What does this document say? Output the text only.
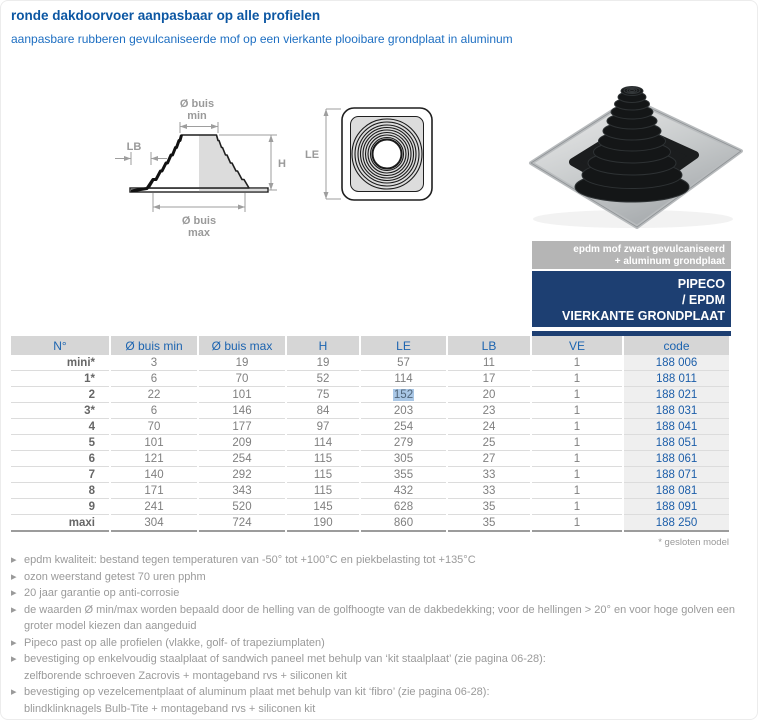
ronde dakdoorvoer aanpasbaar op alle profielen
aanpasbare rubberen gevulcaniseerde mof op een vierkante plooibare grondplaat in aluminum
Ø buis
min
LB
H
Ø buis
max
LE
epdm mof zwart gevulcaniseerd
+ aluminum grondplaat
PIPECO
/ EPDM
VIERKANTE GRONDPLAAT
N°	Ø buis min	Ø buis max	H	LE	LB	VE	code
mini*	3	19	19	57	11	1	188 006
1*	6	70	52	114	17	1	188 011
2	22	101	75	152	20	1	188 021
3*	6	146	84	203	23	1	188 031
4	70	177	97	254	24	1	188 041
5	101	209	114	279	25	1	188 051
6	121	254	115	305	27	1	188 061
7	140	292	115	355	33	1	188 071
8	171	343	115	432	33	1	188 081
9	241	520	145	628	35	1	188 091
maxi	304	724	190	860	35	1	188 250
* gesloten model
▸ epdm kwaliteit: bestand tegen temperaturen van -50° tot +100°C en piekbelasting tot +135°C
▸ ozon weerstand getest 70 uren pphm
▸ 20 jaar garantie op anti-corrosie
▸ de waarden Ø min/max worden bepaald door de helling van de golfhoogte van de dakbedekking; voor de hellingen > 20° en voor hoge golven een
groter model kiezen dan aangeduid
▸ Pipeco past op alle profielen (vlakke, golf- of trapeziumplaten)
▸ bevestiging op enkelvoudig staalplaat of sandwich paneel met behulp van ‘kit staalplaat’ (zie pagina 06-28):
zelfborende schroeven Zacrovis + montageband rvs + siliconen kit
▸ bevestiging op vezelcementplaat of aluminum plaat met behulp van kit ‘fibro’ (zie pagina 06-28):
blindklinknagels Bulb-Tite + montageband rvs + siliconen kit
